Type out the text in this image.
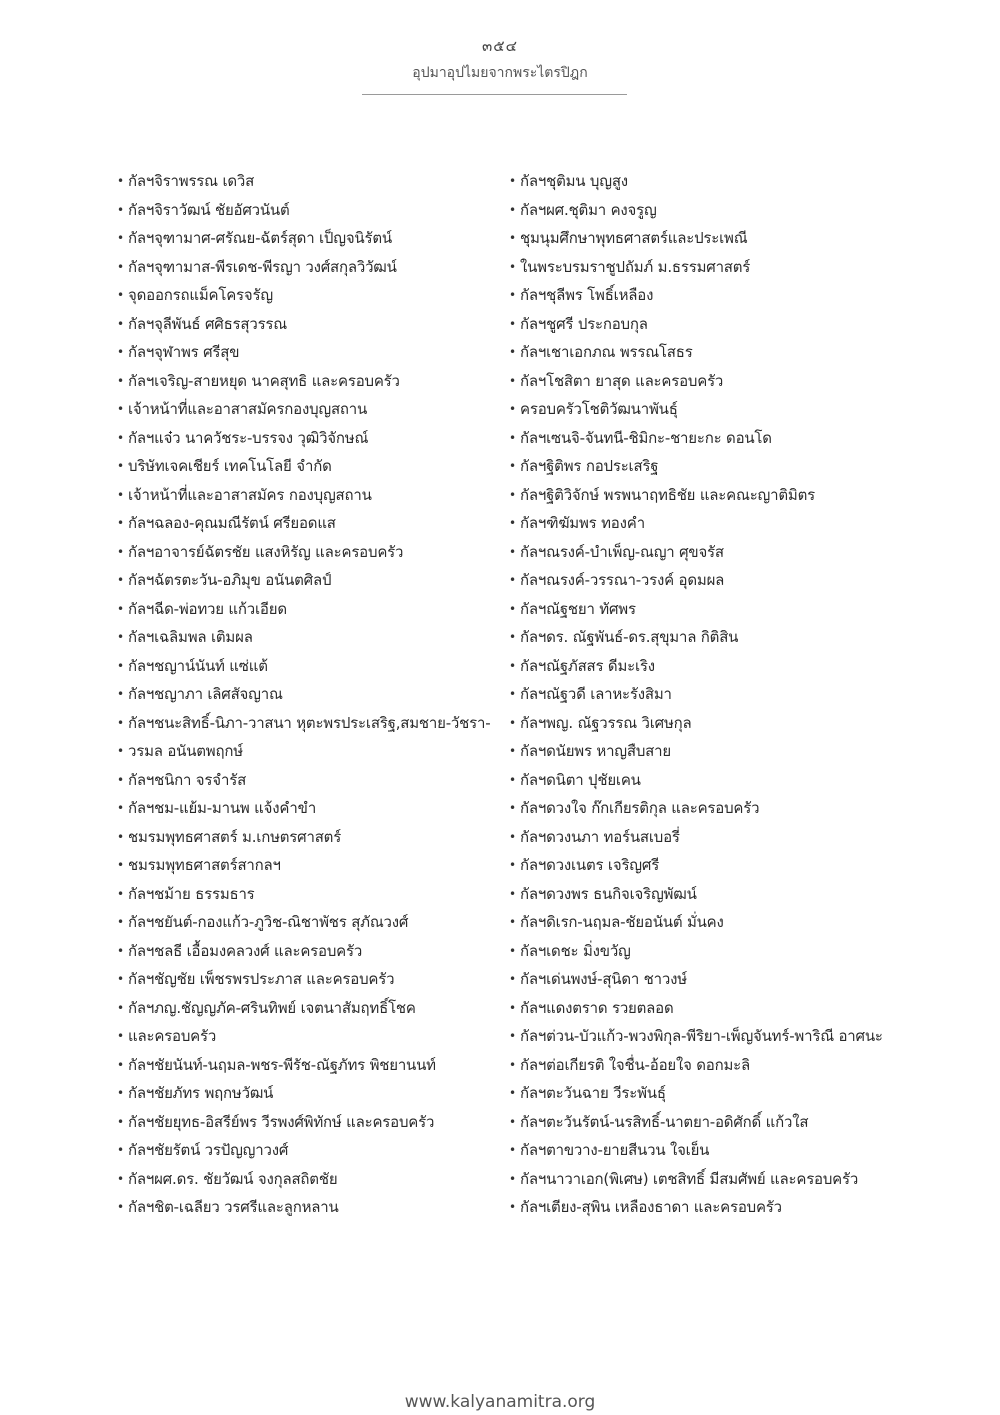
๓๕๔
อุปมาอุปไมยจากพระไตรปิฎก
• กัลฯจิราพรรณ เดวิส
• กัลฯจิราวัฒน์ ชัยอัศวนันต์
• กัลฯจุฑามาศ-ศรัณย-ฉัตร์สุดา เป็ญจนิรัตน์
• กัลฯจุฑามาส-พีรเดช-พีรญา วงศ์สกุลวิวัฒน์
• จุดออกรถแม็คโครจรัญ
• กัลฯจุลีพันธ์ ศศิธรสุวรรณ
• กัลฯจุฬาพร ศรีสุข
• กัลฯเจริญ-สายหยุด นาคสุทธิ และครอบครัว
• เจ้าหน้าที่และอาสาสมัครกองบุญสถาน
• กัลฯแจ๋ว นาควัชระ-บรรจง วุฒิวิจักษณ์
• บริษัทเจคเชียร์ เทคโนโลยี จำกัด
• เจ้าหน้าที่และอาสาสมัคร กองบุญสถาน
• กัลฯฉลอง-คุณมณีรัตน์ ศรียอดแส
• กัลฯอาจารย์ฉัตรชัย แสงหิรัญ และครอบครัว
• กัลฯฉัตรตะวัน-อภิมุข อนันตศิลป์
• กัลฯฉีด-พ่อทวย แก้วเอียด
• กัลฯเฉลิมพล เติมผล
• กัลฯชญาน์นันท์ แซ่แต้
• กัลฯชญาภา เลิศสัจญาณ
• กัลฯชนะสิทธิ์-นิภา-วาสนา หุตะพรประเสริฐ,สมชาย-วัชรา-
• วรมล อนันตพฤกษ์
• กัลฯชนิกา จรจำรัส
• กัลฯชม-แย้ม-มานพ แจ้งคำขำ
• ชมรมพุทธศาสตร์ ม.เกษตรศาสตร์
• ชมรมพุทธศาสตร์สากลฯ
• กัลฯชม้าย ธรรมธาร
• กัลฯชยันต์-กองแก้ว-ภูวิช-ณิชาพัชร สุภัณวงศ์
• กัลฯชลธี เอื้อมงคลวงศ์ และครอบครัว
• กัลฯชัญชัย เพ็ชรพรประภาส และครอบครัว
• กัลฯภญ.ชัญญภัค-ศรินทิพย์ เจตนาสัมฤทธิ์โชค
• และครอบครัว
• กัลฯชัยนันท์-นฤมล-พชร-พีรัช-ณัฐภัทร พิชยานนท์
• กัลฯชัยภัทร พฤกษวัฒน์
• กัลฯชัยยุทธ-อิสรีย์พร วีรพงศ์พิทักษ์ และครอบครัว
• กัลฯชัยรัตน์ วรปัญญาวงศ์
• กัลฯผศ.ดร. ชัยวัฒน์ จงกุลสถิตชัย
• กัลฯชิต-เฉลียว วรศรีและลูกหลาน
• กัลฯชุติมน บุญสูง
• กัลฯผศ.ชุติมา คงจรูญ
• ชุมนุมศึกษาพุทธศาสตร์และประเพณี
• ในพระบรมราชูปถัมภ์ ม.ธรรมศาสตร์
• กัลฯชุลีพร โพธิ์เหลือง
• กัลฯชูศรี ประกอบกุล
• กัลฯเชาเอกภณ พรรณโสธร
• กัลฯโชสิตา ยาสุด และครอบครัว
• ครอบครัวโชติวัฒนาพันธุ์
• กัลฯเซนจิ-จันทนี-ชิมิกะ-ชายะกะ ดอนโด
• กัลฯฐิติพร กอประเสริฐ
• กัลฯฐิติวิจักษ์ พรพนาฤทธิชัย และคณะญาติมิตร
• กัลฯฑิฆัมพร ทองคำ
• กัลฯณรงค์-บำเพ็ญ-ณญา ศุขจรัส
• กัลฯณรงค์-วรรณา-วรงค์ อุดมผล
• กัลฯณัฐชยา ทัศพร
• กัลฯดร. ณัฐพันธ์-ดร.สุขุมาล กิติสิน
• กัลฯณัฐภัสสร ดีมะเริง
• กัลฯณัฐวดี เลาหะรังสิมา
• กัลฯพญ. ณัฐวรรณ วิเศษกุล
• กัลฯดนัยพร หาญสืบสาย
• กัลฯดนิตา ปุชัยเคน
• กัลฯดวงใจ ก๊กเกียรติกุล และครอบครัว
• กัลฯดวงนภา ทอร์นสเบอรี่
• กัลฯดวงเนตร เจริญศรี
• กัลฯดวงพร ธนกิจเจริญพัฒน์
• กัลฯดิเรก-นฤมล-ชัยอนันต์ มั่นคง
• กัลฯเดชะ มิ่งขวัญ
• กัลฯเด่นพงษ์-สุนิดา ชาวงษ์
• กัลฯแดงตราด รวยตลอด
• กัลฯต่วน-บัวแก้ว-พวงพิกุล-พีริยา-เพ็ญจันทร์-พาริณี อาศนะ
• กัลฯต่อเกียรติ ใจชื่น-อ้อยใจ ดอกมะลิ
• กัลฯตะวันฉาย วีระพันธุ์
• กัลฯตะวันรัตน์-นรสิทธิ์-นาตยา-อดิศักดิ์ แก้วใส
• กัลฯตาขวาง-ยายสีนวน ใจเย็น
• กัลฯนาวาเอก(พิเศษ) เตชสิทธิ์ มีสมศัพย์ และครอบครัว
• กัลฯเตียง-สุพิน เหลืองธาดา และครอบครัว
www.kalyanamitra.org
